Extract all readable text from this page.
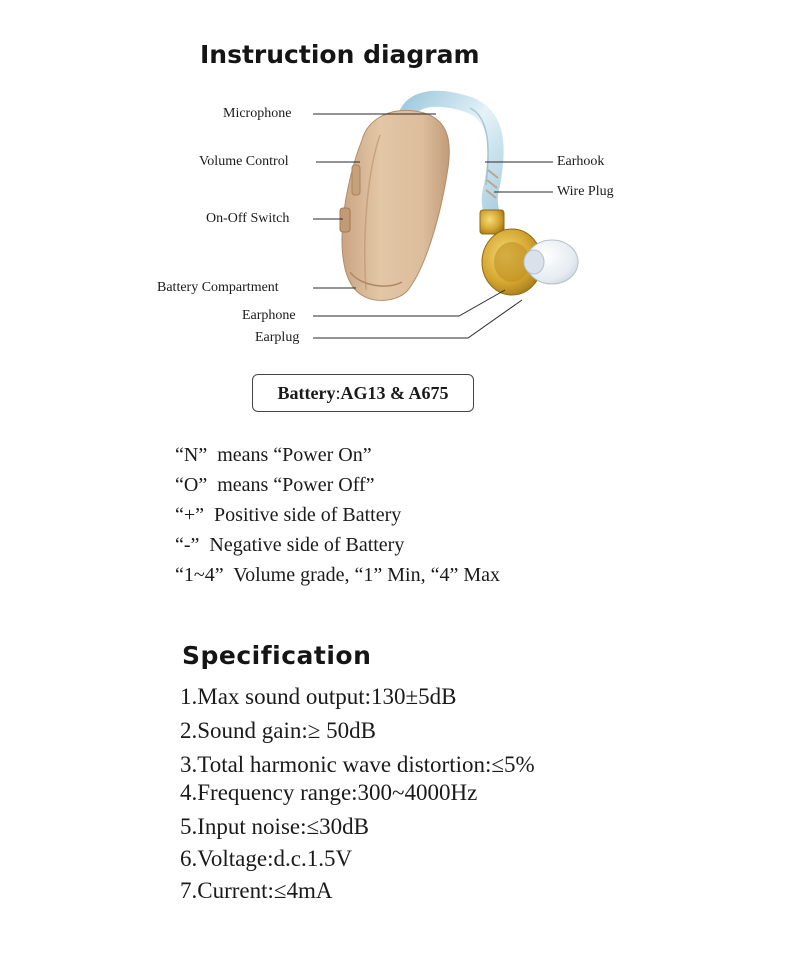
Instruction diagram
Microphone
Volume Control
On-Off Switch
Battery Compartment
Earphone
Earplug
Earhook
Wire Plug
Battery : AG13 & A675
“N”  means “Power On”
“O”  means “Power Off”
“+”  Positive side of Battery
“-”  Negative side of Battery
“1~4”  Volume grade, “1” Min, “4” Max
Specification
1.Max sound output:130±5dB
2.Sound gain:≥ 50dB
3.Total harmonic wave distortion:≤5%
4.Frequency range:300~4000Hz
5.Input noise:≤30dB
6.Voltage:d.c.1.5V
7.Current:≤4mA
